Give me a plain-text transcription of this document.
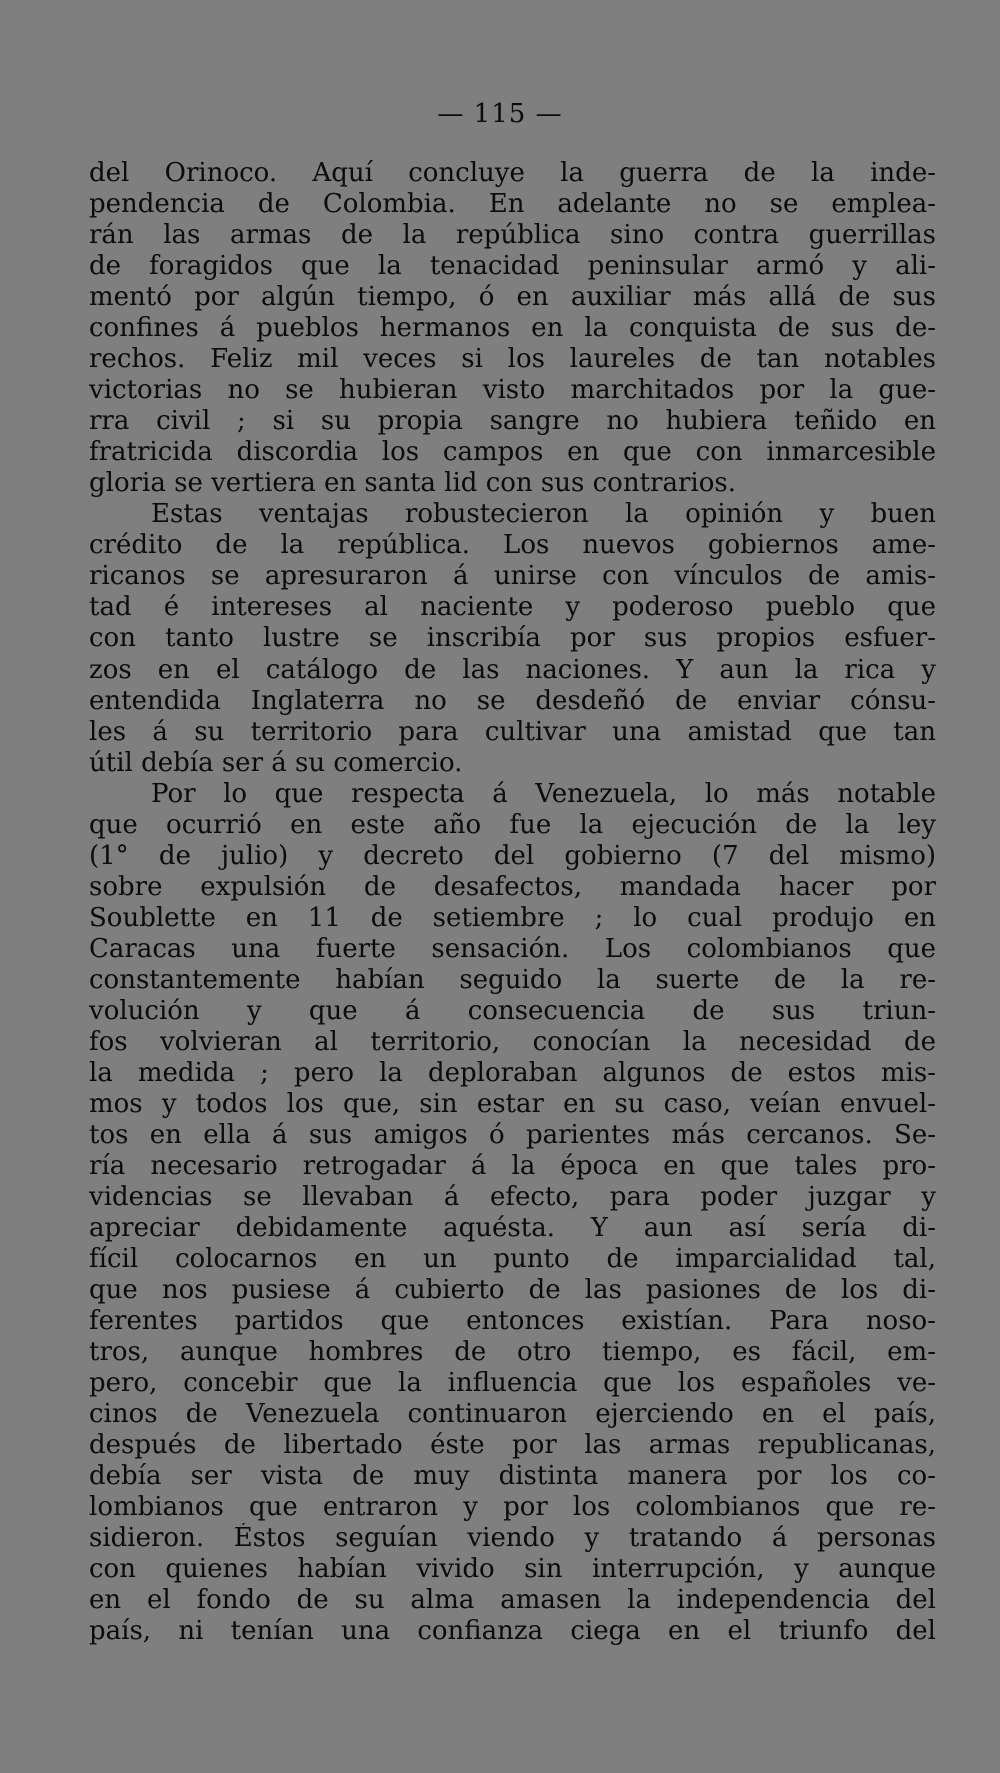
— 115 —
del Orinoco. Aquí concluye la guerra de la inde-
pendencia de Colombia. En adelante no se emplea-
rán las armas de la república sino contra guerrillas
de foragidos que la tenacidad peninsular armó y ali-
mentó por algún tiempo, ó en auxiliar más allá de sus
confines á pueblos hermanos en la conquista de sus de-
rechos. Feliz mil veces si los laureles de tan notables
victorias no se hubieran visto marchitados por la gue-
rra civil ; si su propia sangre no hubiera teñido en
fratricida discordia los campos en que con inmarcesible
gloria se vertiera en santa lid con sus contrarios.
Estas ventajas robustecieron la opinión y buen
crédito de la república. Los nuevos gobiernos ame-
ricanos se apresuraron á unirse con vínculos de amis-
tad é intereses al naciente y poderoso pueblo que
con tanto lustre se inscribía por sus propios esfuer-
zos en el catálogo de las naciones. Y aun la rica y
entendida Inglaterra no se desdeñó de enviar cónsu-
les á su territorio para cultivar una amistad que tan
útil debía ser á su comercio.
Por lo que respecta á Venezuela, lo más notable
que ocurrió en este año fue la ejecución de la ley
(1° de julio) y decreto del gobierno (7 del mismo)
sobre expulsión de desafectos, mandada hacer por
Soublette en 11 de setiembre ; lo cual produjo en
Caracas una fuerte sensación. Los colombianos que
constantemente habían seguido la suerte de la re-
volución y que á consecuencia de sus triun-
fos volvieran al territorio, conocían la necesidad de
la medida ; pero la deploraban algunos de estos mis-
mos y todos los que, sin estar en su caso, veían envuel-
tos en ella á sus amigos ó parientes más cercanos. Se-
ría necesario retrogadar á la época en que tales pro-
videncias se llevaban á efecto, para poder juzgar y
apreciar debidamente aquésta. Y aun así sería di-
fícil colocarnos en un punto de imparcialidad tal,
que nos pusiese á cubierto de las pasiones de los di-
ferentes partidos que entonces existían. Para noso-
tros, aunque hombres de otro tiempo, es fácil, em-
pero, concebir que la influencia que los españoles ve-
cinos de Venezuela continuaron ejerciendo en el país,
después de libertado éste por las armas republicanas,
debía ser vista de muy distinta manera por los co-
lombianos que entraron y por los colombianos que re-
sidieron. Éstos seguían viendo y tratando á personas
con quienes habían vivido sin interrupción, y aunque
en el fondo de su alma amasen la independencia del
país, ni tenían una confianza ciega en el triunfo del
